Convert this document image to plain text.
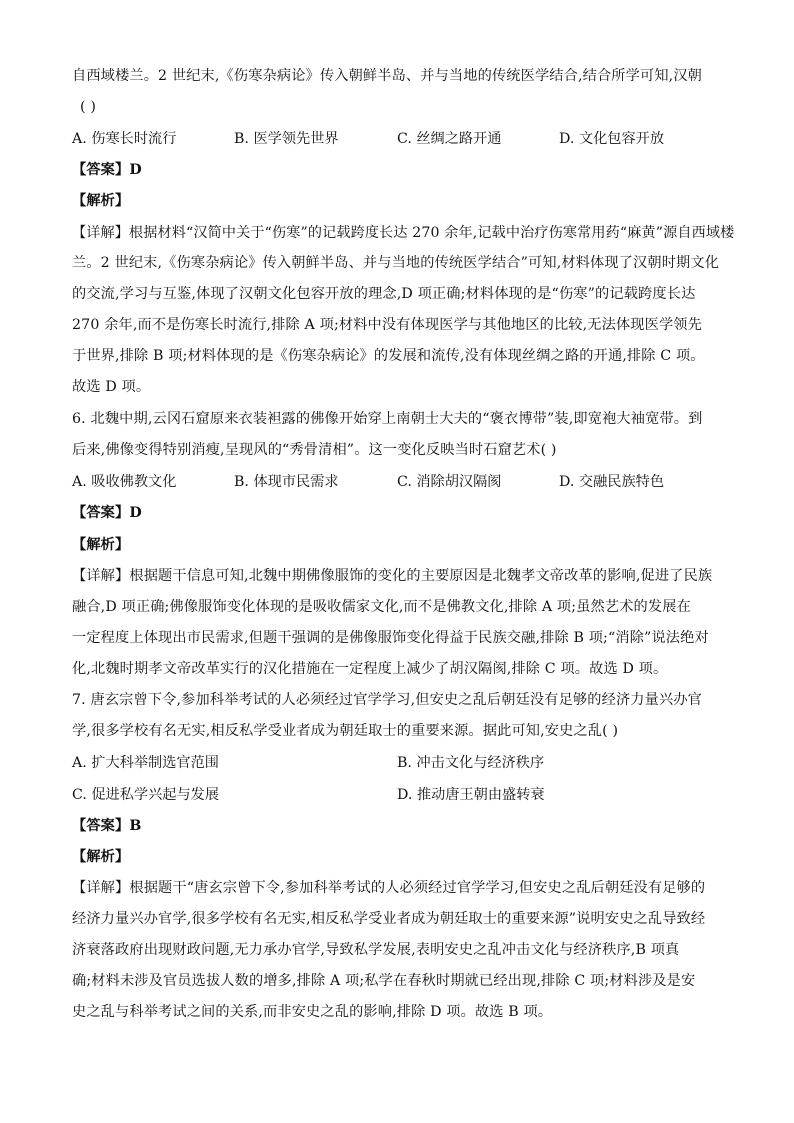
自西域楼兰。2 世纪末,《伤寒杂病论》传入朝鲜半岛、并与当地的传统医学结合,结合所学可知,汉朝
( )
A. 伤寒长时流行	B. 医学领先世界	C. 丝绸之路开通	D. 文化包容开放
【答案】D
【解析】
【详解】根据材料“汉简中关于“伤寒”的记载跨度长达 270 余年,记载中治疗伤寒常用药“麻黄”源自西域楼
兰。2 世纪末,《伤寒杂病论》传入朝鲜半岛、并与当地的传统医学结合”可知,材料体现了汉朝时期文化
的交流,学习与互鉴,体现了汉朝文化包容开放的理念,D 项正确;材料体现的是“伤寒”的记载跨度长达
270 余年,而不是伤寒长时流行,排除 A 项;材料中没有体现医学与其他地区的比较,无法体现医学领先
于世界,排除 B 项;材料体现的是《伤寒杂病论》的发展和流传,没有体现丝绸之路的开通,排除 C 项。
故选 D 项。
6. 北魏中期,云冈石窟原来衣装袒露的佛像开始穿上南朝士大夫的“褒衣博带”装,即宽袍大袖宽带。到
后来,佛像变得特别消瘦,呈现风的“秀骨清相”。这一变化反映当时石窟艺术( )
A. 吸收佛教文化	B. 体现市民需求	C. 消除胡汉隔阂	D. 交融民族特色
【答案】D
【解析】
【详解】根据题干信息可知,北魏中期佛像服饰的变化的主要原因是北魏孝文帝改革的影响,促进了民族
融合,D 项正确;佛像服饰变化体现的是吸收儒家文化,而不是佛教文化,排除 A 项;虽然艺术的发展在
一定程度上体现出市民需求,但题干强调的是佛像服饰变化得益于民族交融,排除 B 项;“消除”说法绝对
化,北魏时期孝文帝改革实行的汉化措施在一定程度上减少了胡汉隔阂,排除 C 项。故选 D 项。
7. 唐玄宗曾下令,参加科举考试的人必须经过官学学习,但安史之乱后朝廷没有足够的经济力量兴办官
学,很多学校有名无实,相反私学受业者成为朝廷取士的重要来源。据此可知,安史之乱( )
A. 扩大科举制选官范围	B. 冲击文化与经济秩序
C. 促进私学兴起与发展	D. 推动唐王朝由盛转衰
【答案】B
【解析】
【详解】根据题干“唐玄宗曾下令,参加科举考试的人必须经过官学学习,但安史之乱后朝廷没有足够的
经济力量兴办官学,很多学校有名无实,相反私学受业者成为朝廷取士的重要来源”说明安史之乱导致经
济衰落政府出现财政问题,无力承办官学,导致私学发展,表明安史之乱冲击文化与经济秩序,B 项真
确;材料未涉及官员选拔人数的增多,排除 A 项;私学在春秋时期就已经出现,排除 C 项;材料涉及是安
史之乱与科举考试之间的关系,而非安史之乱的影响,排除 D 项。故选 B 项。
